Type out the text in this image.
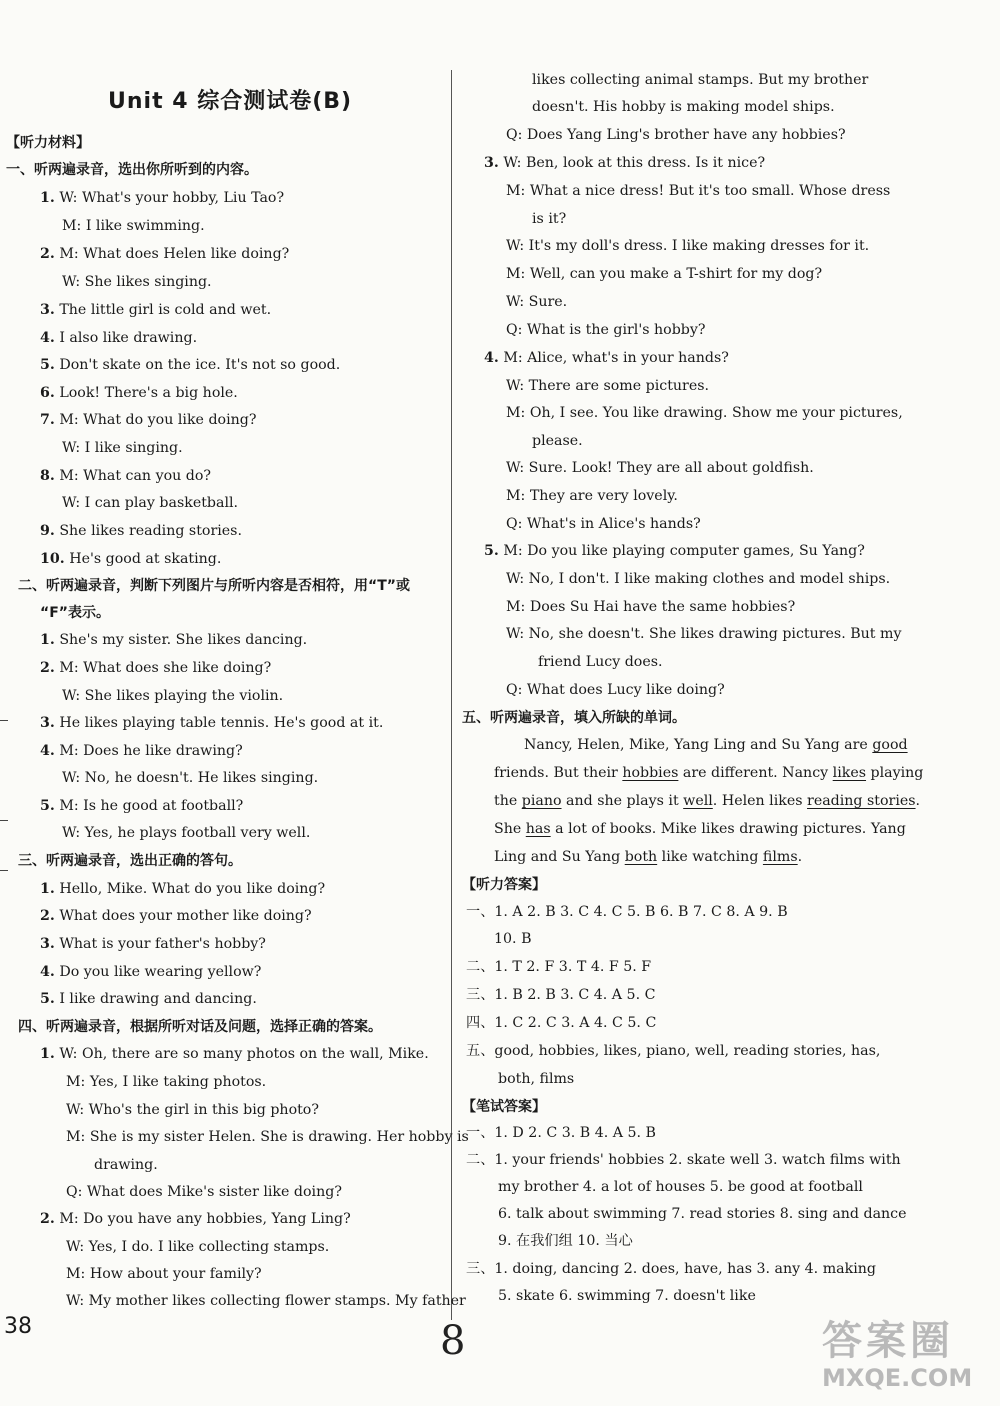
Unit 4 综合测试卷(B)
【听力材料】
一、听两遍录音，选出你所听到的内容。
1. W: What's your hobby, Liu Tao?
M: I like swimming.
2. M: What does Helen like doing?
W: She likes singing.
3. The little girl is cold and wet.
4. I also like drawing.
5. Don't skate on the ice. It's not so good.
6. Look! There's a big hole.
7. M: What do you like doing?
W: I like singing.
8. M: What can you do?
W: I can play basketball.
9. She likes reading stories.
10. He's good at skating.
二、听两遍录音，判断下列图片与所听内容是否相符，用“T”或
“F”表示。
1. She's my sister. She likes dancing.
2. M: What does she like doing?
W: She likes playing the violin.
3. He likes playing table tennis. He's good at it.
4. M: Does he like drawing?
W: No, he doesn't. He likes singing.
5. M: Is he good at football?
W: Yes, he plays football very well.
三、听两遍录音，选出正确的答句。
1. Hello, Mike. What do you like doing?
2. What does your mother like doing?
3. What is your father's hobby?
4. Do you like wearing yellow?
5. I like drawing and dancing.
四、听两遍录音，根据所听对话及问题，选择正确的答案。
1. W: Oh, there are so many photos on the wall, Mike.
M: Yes, I like taking photos.
W: Who's the girl in this big photo?
M: She is my sister Helen. She is drawing. Her hobby is
drawing.
Q: What does Mike's sister like doing?
2. M: Do you have any hobbies, Yang Ling?
W: Yes, I do. I like collecting stamps.
M: How about your family?
W: My mother likes collecting flower stamps. My father
likes collecting animal stamps. But my brother
doesn't. His hobby is making model ships.
Q: Does Yang Ling's brother have any hobbies?
3. W: Ben, look at this dress. Is it nice?
M: What a nice dress! But it's too small. Whose dress
is it?
W: It's my doll's dress. I like making dresses for it.
M: Well, can you make a T-shirt for my dog?
W: Sure.
Q: What is the girl's hobby?
4. M: Alice, what's in your hands?
W: There are some pictures.
M: Oh, I see. You like drawing. Show me your pictures,
please.
W: Sure. Look! They are all about goldfish.
M: They are very lovely.
Q: What's in Alice's hands?
5. M: Do you like playing computer games, Su Yang?
W: No, I don't. I like making clothes and model ships.
M: Does Su Hai have the same hobbies?
W: No, she doesn't. She likes drawing pictures. But my
friend Lucy does.
Q: What does Lucy like doing?
五、听两遍录音，填入所缺的单词。
Nancy, Helen, Mike, Yang Ling and Su Yang are good
friends. But their hobbies are different. Nancy likes playing
the piano and she plays it well. Helen likes reading stories.
She has a lot of books. Mike likes drawing pictures. Yang
Ling and Su Yang both like watching films.
【听力答案】
一、1. A 2. B 3. C 4. C 5. B 6. B 7. C 8. A 9. B
10. B
二、1. T 2. F 3. T 4. F 5. F
三、1. B 2. B 3. C 4. A 5. C
四、1. C 2. C 3. A 4. C 5. C
五、good, hobbies, likes, piano, well, reading stories, has,
both, films
【笔试答案】
一、1. D 2. C 3. B 4. A 5. B
二、1. your friends' hobbies 2. skate well 3. watch films with
my brother 4. a lot of houses 5. be good at football
6. talk about swimming 7. read stories 8. sing and dance
9. 在我们组 10. 当心
三、1. doing, dancing 2. does, have, has 3. any 4. making
5. skate 6. swimming 7. doesn't like
38	8	答案圈
MXQE.COM
